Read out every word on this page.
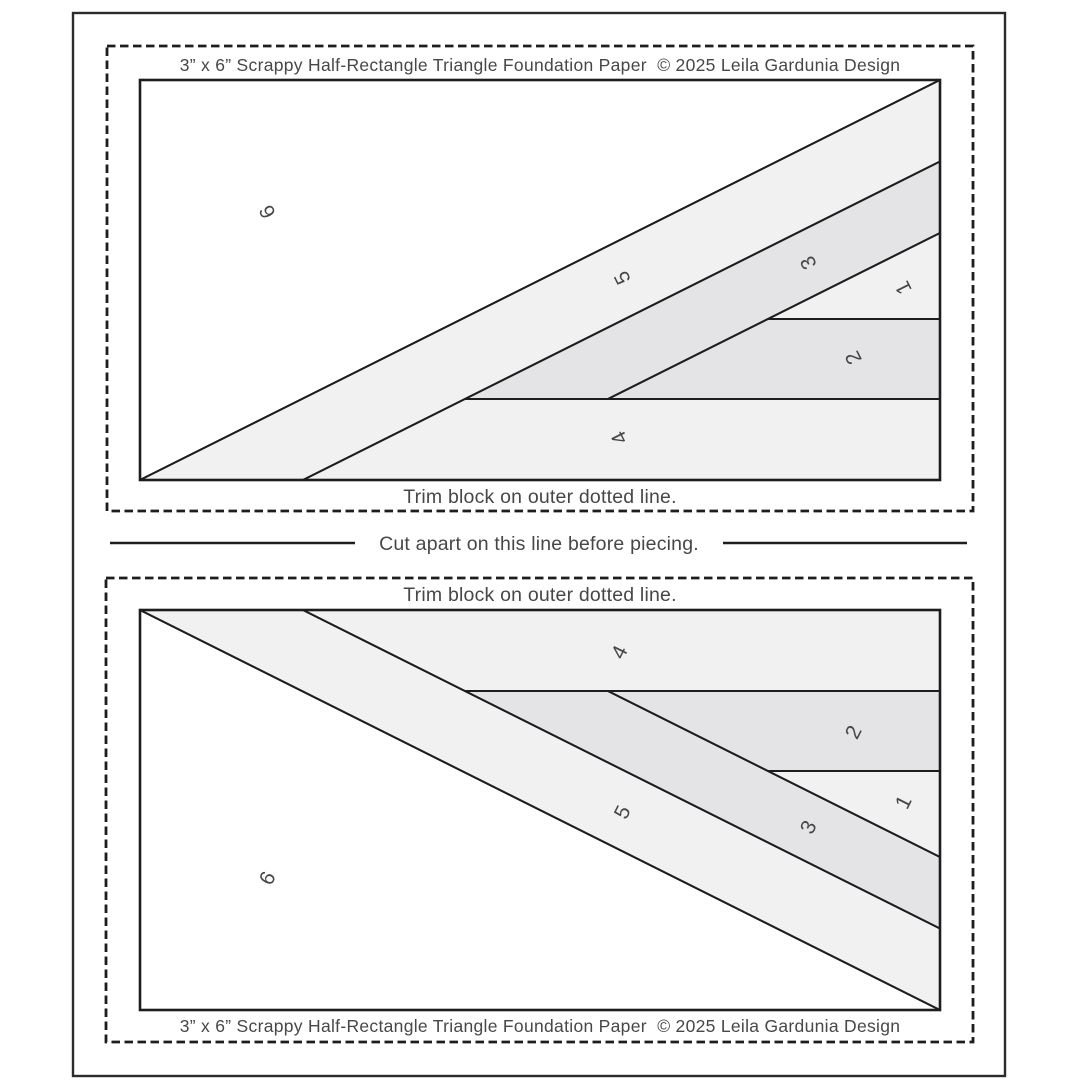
3” x 6” Scrappy Half-Rectangle Triangle Foundation Paper  © 2025 Leila Gardunia Design
6
5
3
1
2
4
Trim block on outer dotted line.
Cut apart on this line before piecing.
Trim block on outer dotted line.
6
5
3
1
2
4
3” x 6” Scrappy Half-Rectangle Triangle Foundation Paper  © 2025 Leila Gardunia Design
